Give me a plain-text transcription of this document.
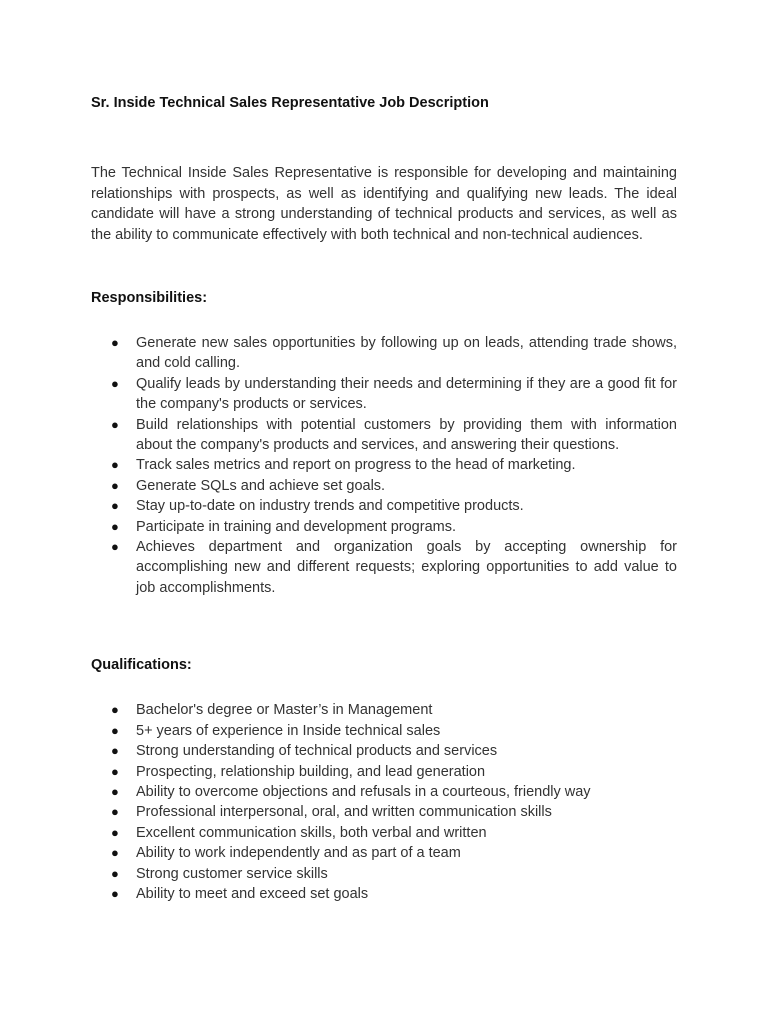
Sr. Inside Technical Sales Representative Job Description

The Technical Inside Sales Representative is responsible for developing and maintaining relationships with prospects, as well as identifying and qualifying new leads. The ideal candidate will have a strong understanding of technical products and services, as well as the ability to communicate effectively with both technical and non-technical audiences.

Responsibilities:
● Generate new sales opportunities by following up on leads, attending trade shows, and cold calling.
● Qualify leads by understanding their needs and determining if they are a good fit for the company's products or services.
● Build relationships with potential customers by providing them with information about the company's products and services, and answering their questions.
● Track sales metrics and report on progress to the head of marketing.
● Generate SQLs and achieve set goals.
● Stay up-to-date on industry trends and competitive products.
● Participate in training and development programs.
● Achieves department and organization goals by accepting ownership for accomplishing new and different requests; exploring opportunities to add value to job accomplishments.
Qualifications:
● Bachelor's degree or Master’s in Management
● 5+ years of experience in Inside technical sales
● Strong understanding of technical products and services
● Prospecting, relationship building, and lead generation
● Ability to overcome objections and refusals in a courteous, friendly way
● Professional interpersonal, oral, and written communication skills
● Excellent communication skills, both verbal and written
● Ability to work independently and as part of a team
● Strong customer service skills
● Ability to meet and exceed set goals
